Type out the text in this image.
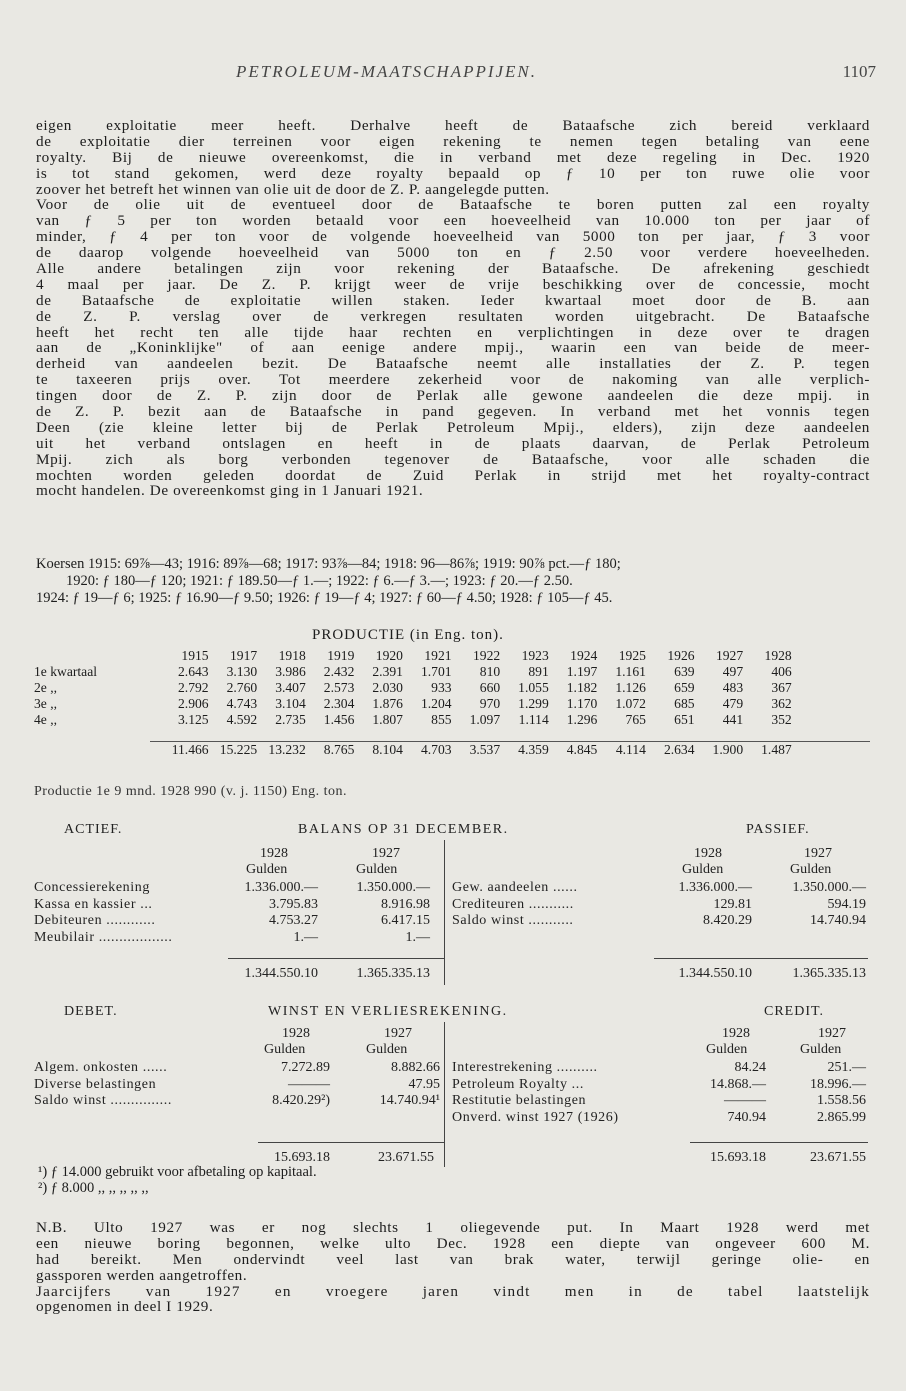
PETROLEUM-MAATSCHAPPIJEN.	1107
eigen exploitatie meer heeft. Derhalve heeft de Bataafsche zich bereid verklaard
de exploitatie dier terreinen voor eigen rekening te nemen tegen betaling van eene
royalty. Bij de nieuwe overeenkomst, die in verband met deze regeling in Dec. 1920
is tot stand gekomen, werd deze royalty bepaald op ƒ 10 per ton ruwe olie voor
zoover het betreft het winnen van olie uit de door de Z. P. aangelegde putten.
Voor de olie uit de eventueel door de Bataafsche te boren putten zal een royalty
van ƒ 5 per ton worden betaald voor een hoeveelheid van 10.000 ton per jaar of
minder, ƒ 4 per ton voor de volgende hoeveelheid van 5000 ton per jaar, ƒ 3 voor
de daarop volgende hoeveelheid van 5000 ton en ƒ 2.50 voor verdere hoeveelheden.
Alle andere betalingen zijn voor rekening der Bataafsche. De afrekening geschiedt
4 maal per jaar. De Z. P. krijgt weer de vrije beschikking over de concessie, mocht
de Bataafsche de exploitatie willen staken. Ieder kwartaal moet door de B. aan
de Z. P. verslag over de verkregen resultaten worden uitgebracht. De Bataafsche
heeft het recht ten alle tijde haar rechten en verplichtingen in deze over te dragen
aan de „Koninklijke" of aan eenige andere mpij., waarin een van beide de meer-
derheid van aandeelen bezit. De Bataafsche neemt alle installaties der Z. P. tegen
te taxeeren prijs over. Tot meerdere zekerheid voor de nakoming van alle verplich-
tingen door de Z. P. zijn door de Perlak alle gewone aandeelen die deze mpij. in
de Z. P. bezit aan de Bataafsche in pand gegeven. In verband met het vonnis tegen
Deen (zie kleine letter bij de Perlak Petroleum Mpij., elders), zijn deze aandeelen
uit het verband ontslagen en heeft in de plaats daarvan, de Perlak Petroleum
Mpij. zich als borg verbonden tegenover de Bataafsche, voor alle schaden die
mochten worden geleden doordat de Zuid Perlak in strijd met het royalty-contract
mocht handelen. De overeenkomst ging in 1 Januari 1921.
Koersen 1915: 69⅞—43; 1916: 89⅞—68; 1917: 93⅞—84; 1918: 96—86⅞; 1919: 90⅞ pct.—ƒ 180;
1920: ƒ 180—ƒ 120; 1921: ƒ 189.50—ƒ 1.—; 1922: ƒ 6.—ƒ 3.—; 1923: ƒ 20.—ƒ 2.50.
1924: ƒ 19—ƒ 6; 1925: ƒ 16.90—ƒ 9.50; 1926: ƒ 19—ƒ 4; 1927: ƒ 60—ƒ 4.50; 1928: ƒ 105—ƒ 45.
PRODUCTIE (in Eng. ton).
	1915	1917	1918	1919	1920	1921	1922	1923	1924	1925	1926	1927	1928
1e kwartaal	2.643	3.130	3.986	2.432	2.391	1.701	810	891	1.197	1.161	639	497	406
2e ,,	2.792	2.760	3.407	2.573	2.030	933	660	1.055	1.182	1.126	659	483	367
3e ,,	2.906	4.743	3.104	2.304	1.876	1.204	970	1.299	1.170	1.072	685	479	362
4e ,,	3.125	4.592	2.735	1.456	1.807	855	1.097	1.114	1.296	765	651	441	352
	11.466	15.225	13.232	8.765	8.104	4.703	3.537	4.359	4.845	4.114	2.634	1.900	1.487
Productie 1e 9 mnd. 1928 990 (v. j. 1150) Eng. ton.
ACTIEF.	BALANS OP 31 DECEMBER.	PASSIEF.
1928	1927
Gulden	Gulden
1928	1927
Gulden	Gulden
Concessierekening	1.336.000.—	1.350.000.—
Kassa en kassier ...	3.795.83	8.916.98
Debiteuren ............	4.753.27	6.417.15
Meubilair ..................	1.—	1.—
Gew. aandeelen ......	1.336.000.—	1.350.000.—
Crediteuren ...........	129.81	594.19
Saldo winst ...........	8.420.29	14.740.94
1.344.550.10	1.365.335.13	1.344.550.10	1.365.335.13
DEBET.	WINST EN VERLIESREKENING.	CREDIT.
1928	1927
Gulden	Gulden
1928	1927
Gulden	Gulden
Algem. onkosten ......	7.272.89	8.882.66
Diverse belastingen	———	47.95
Saldo winst ...............	8.420.29²)	14.740.94¹
Interestrekening ..........	84.24	251.—
Petroleum Royalty ...	14.868.—	18.996.—
Restitutie belastingen	———	1.558.56
Onverd. winst 1927 (1926)	740.94	2.865.99
15.693.18	23.671.55	15.693.18	23.671.55
¹) ƒ 14.000 gebruikt voor afbetaling op kapitaal.
²) ƒ 8.000 ,, ,, ,, ,, ,,
N.B. Ulto 1927 was er nog slechts 1 oliegevende put. In Maart 1928 werd met
een nieuwe boring begonnen, welke ulto Dec. 1928 een diepte van ongeveer 600 M.
had bereikt. Men ondervindt veel last van brak water, terwijl geringe olie- en
gassporen werden aangetroffen.
Jaarcijfers van 1927 en vroegere jaren vindt men in de tabel laatstelijk
opgenomen in deel I 1929.
